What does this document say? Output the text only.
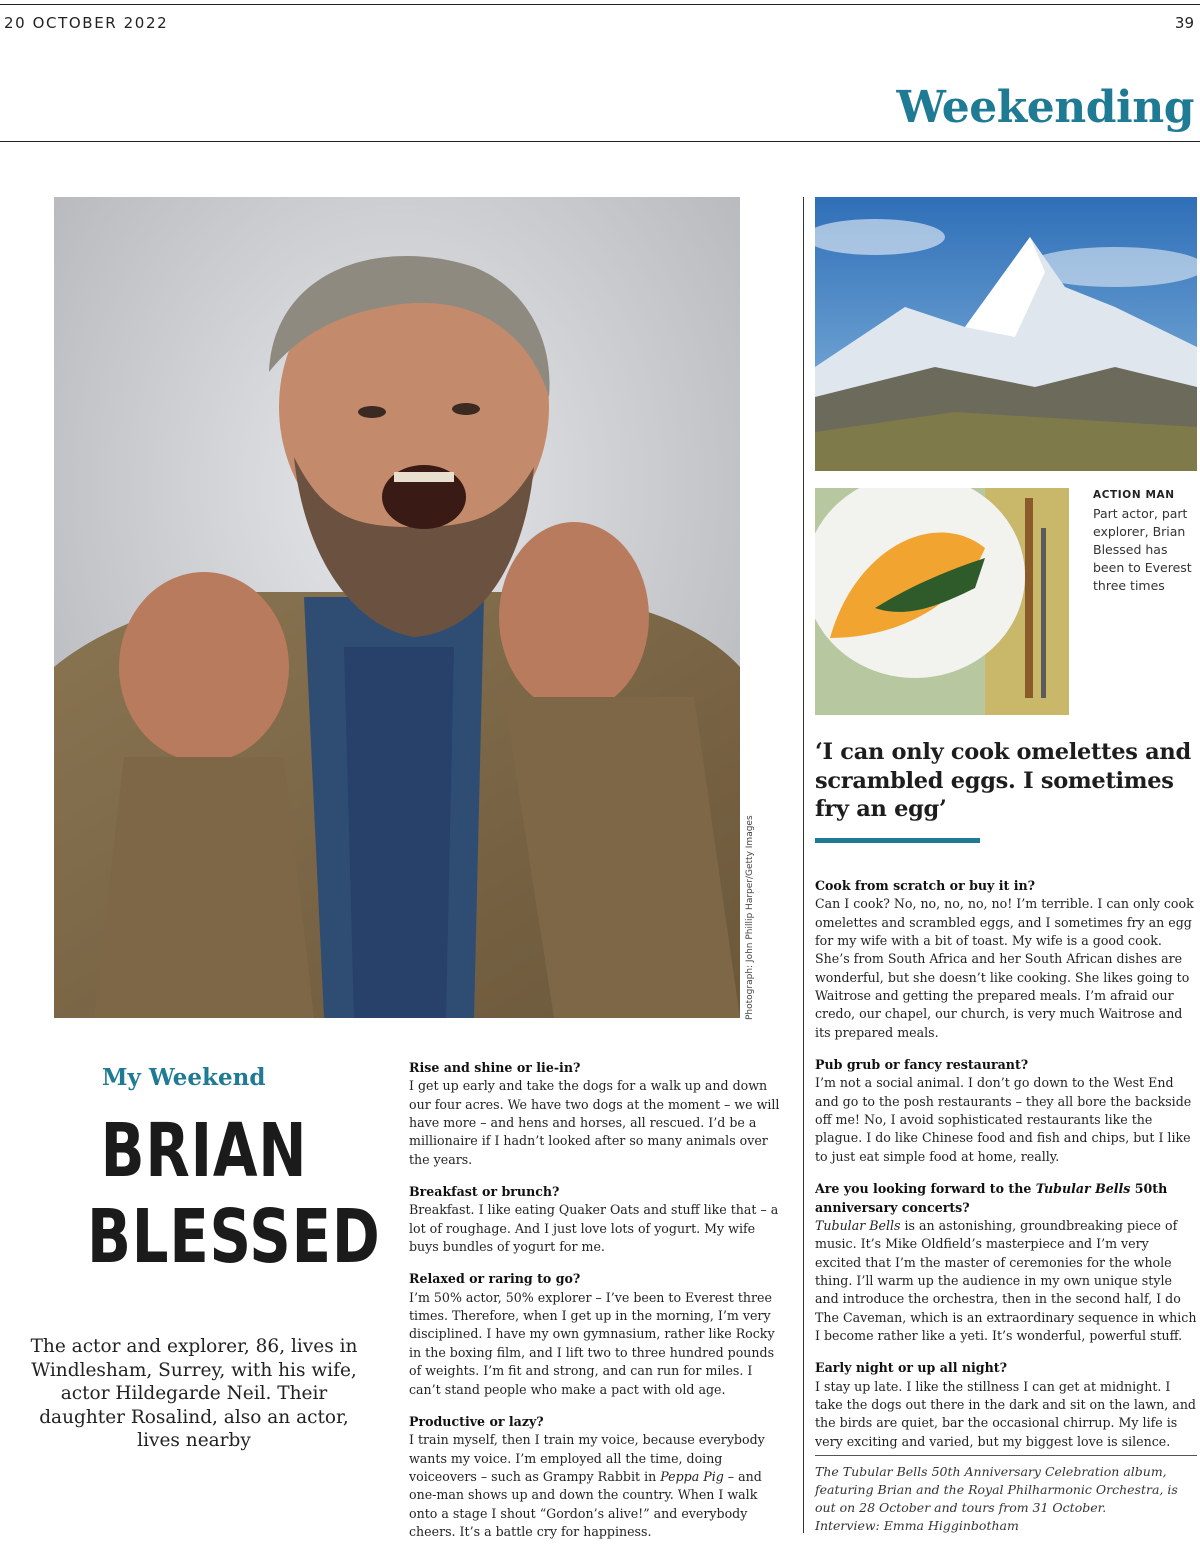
20 OCTOBER 2022	39
Weekending
Photograph: John Phillip Harper/Getty Images
ACTION MAN
Part actor, part explorer, Brian Blessed has been to Everest three times
‘I can only cook omelettes and scrambled eggs. I sometimes fry an egg’
My Weekend
BRIAN
BLESSED
The actor and explorer, 86, lives in Windlesham, Surrey, with his wife, actor Hildegarde Neil. Their daughter Rosalind, also an actor, lives nearby

Rise and shine or lie-in?
I get up early and take the dogs for a walk up and down our four acres. We have two dogs at the moment – we will have more – and hens and horses, all rescued. I’d be a millionaire if I hadn’t looked after so many animals over the years.

Breakfast or brunch?
Breakfast. I like eating Quaker Oats and stuff like that – a lot of roughage. And I just love lots of yogurt. My wife buys bundles of yogurt for me.

Relaxed or raring to go?
I’m 50% actor, 50% explorer – I’ve been to Everest three times. Therefore, when I get up in the morning, I’m very disciplined. I have my own gymnasium, rather like Rocky in the boxing film, and I lift two to three hundred pounds of weights. I’m fit and strong, and can run for miles. I can’t stand people who make a pact with old age.

Productive or lazy?
I train myself, then I train my voice, because everybody wants my voice. I’m employed all the time, doing voiceovers – such as Grampy Rabbit in Peppa Pig – and one-man shows up and down the country. When I walk onto a stage I shout “Gordon’s alive!” and everybody cheers. It’s a battle cry for happiness.

Cook from scratch or buy it in?
Can I cook? No, no, no, no, no! I’m terrible. I can only cook omelettes and scrambled eggs, and I sometimes fry an egg for my wife with a bit of toast. My wife is a good cook. She’s from South Africa and her South African dishes are wonderful, but she doesn’t like cooking. She likes going to Waitrose and getting the prepared meals. I’m afraid our credo, our chapel, our church, is very much Waitrose and its prepared meals.

Pub grub or fancy restaurant?
I’m not a social animal. I don’t go down to the West End and go to the posh restaurants – they all bore the backside off me! No, I avoid sophisticated restaurants like the plague. I do like Chinese food and fish and chips, but I like to just eat simple food at home, really.

Are you looking forward to the Tubular Bells 50th anniversary concerts?
Tubular Bells is an astonishing, groundbreaking piece of music. It’s Mike Oldfield’s masterpiece and I’m very excited that I’m the master of ceremonies for the whole thing. I’ll warm up the audience in my own unique style and introduce the orchestra, then in the second half, I do The Caveman, which is an extraordinary sequence in which I become rather like a yeti. It’s wonderful, powerful stuff.

Early night or up all night?
I stay up late. I like the stillness I can get at midnight. I take the dogs out there in the dark and sit on the lawn, and the birds are quiet, bar the occasional chirrup. My life is very exciting and varied, but my biggest love is silence.

The Tubular Bells 50th Anniversary Celebration album, featuring Brian and the Royal Philharmonic Orchestra, is out on 28 October and tours from 31 October.
Interview: Emma Higginbotham
